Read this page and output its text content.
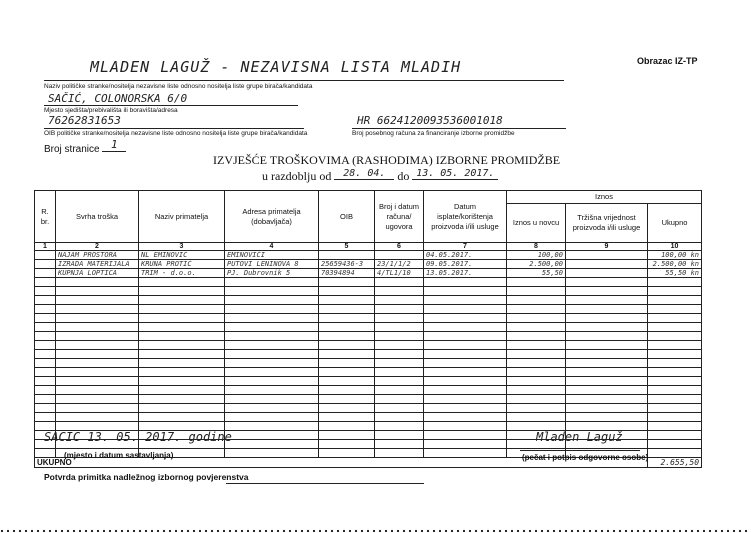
Obrazac IZ-TP
MLADEN LAGUŽ - NEZAVISNA LISTA MLADIH
Naziv političke stranke/nositelja nezavisne liste odnosno nositelja liste grupe birača/kandidata
SAČIĆ, COLONORSKA 6/0
Mjesto sjedišta/prebivališta ili boravišta/adresa
76262831653
OIB političke stranke/nositelja nezavisne liste odnosno nositelja liste grupe birača/kandidata
HR 6624120093536001018
Broj posebnog računa za financiranje izborne promidžbe
Broj stranice 1
IZVJEŠĆE TROŠKOVIMA (RASHODIMA) IZBORNE PROMIDŽBE
u razdoblju od 28. 04. do 13. 05. 2017.
R. br.	Svrha troška	Naziv primatelja	Adresa primatelja (dobavljača)	OIB	Broj i datum računa/ ugovora	Datum isplate/korištenja proizvoda i/ili usluge	Iznos		
							Iznos u novcu	Tržišna vrijednost proizvoda i/ili usluge	Ukupno
1	2	3	4	5	6	7	8	9	10
	NAJAM PROSTORA	NL EMINOVIĆ	EMINOVIĆI			04.05.2017.	100,00		100,00 kn
	IZRADA MATERIJALA	KRUNA PROTIĆ	PUTOVI LENINOVA 8	25659436-3	23/1/1/2	09.05.2017.	2.500,00		2.500,00 kn
	KUPNJA LOPTICA	TRIM - d.o.o.	PJ. Dubrovnik 5	70394894	4/TL1/10	13.05.2017.	55,50		55,50 kn

UKUPNO									2.655,50
SAČIĆ 13. 05. 2017. godine
(mjesto i datum sastavljanja)
Mladen Laguž
(pečat i potpis odgovorne osobe)
Potvrda primitka nadležnog izbornog povjerenstva
